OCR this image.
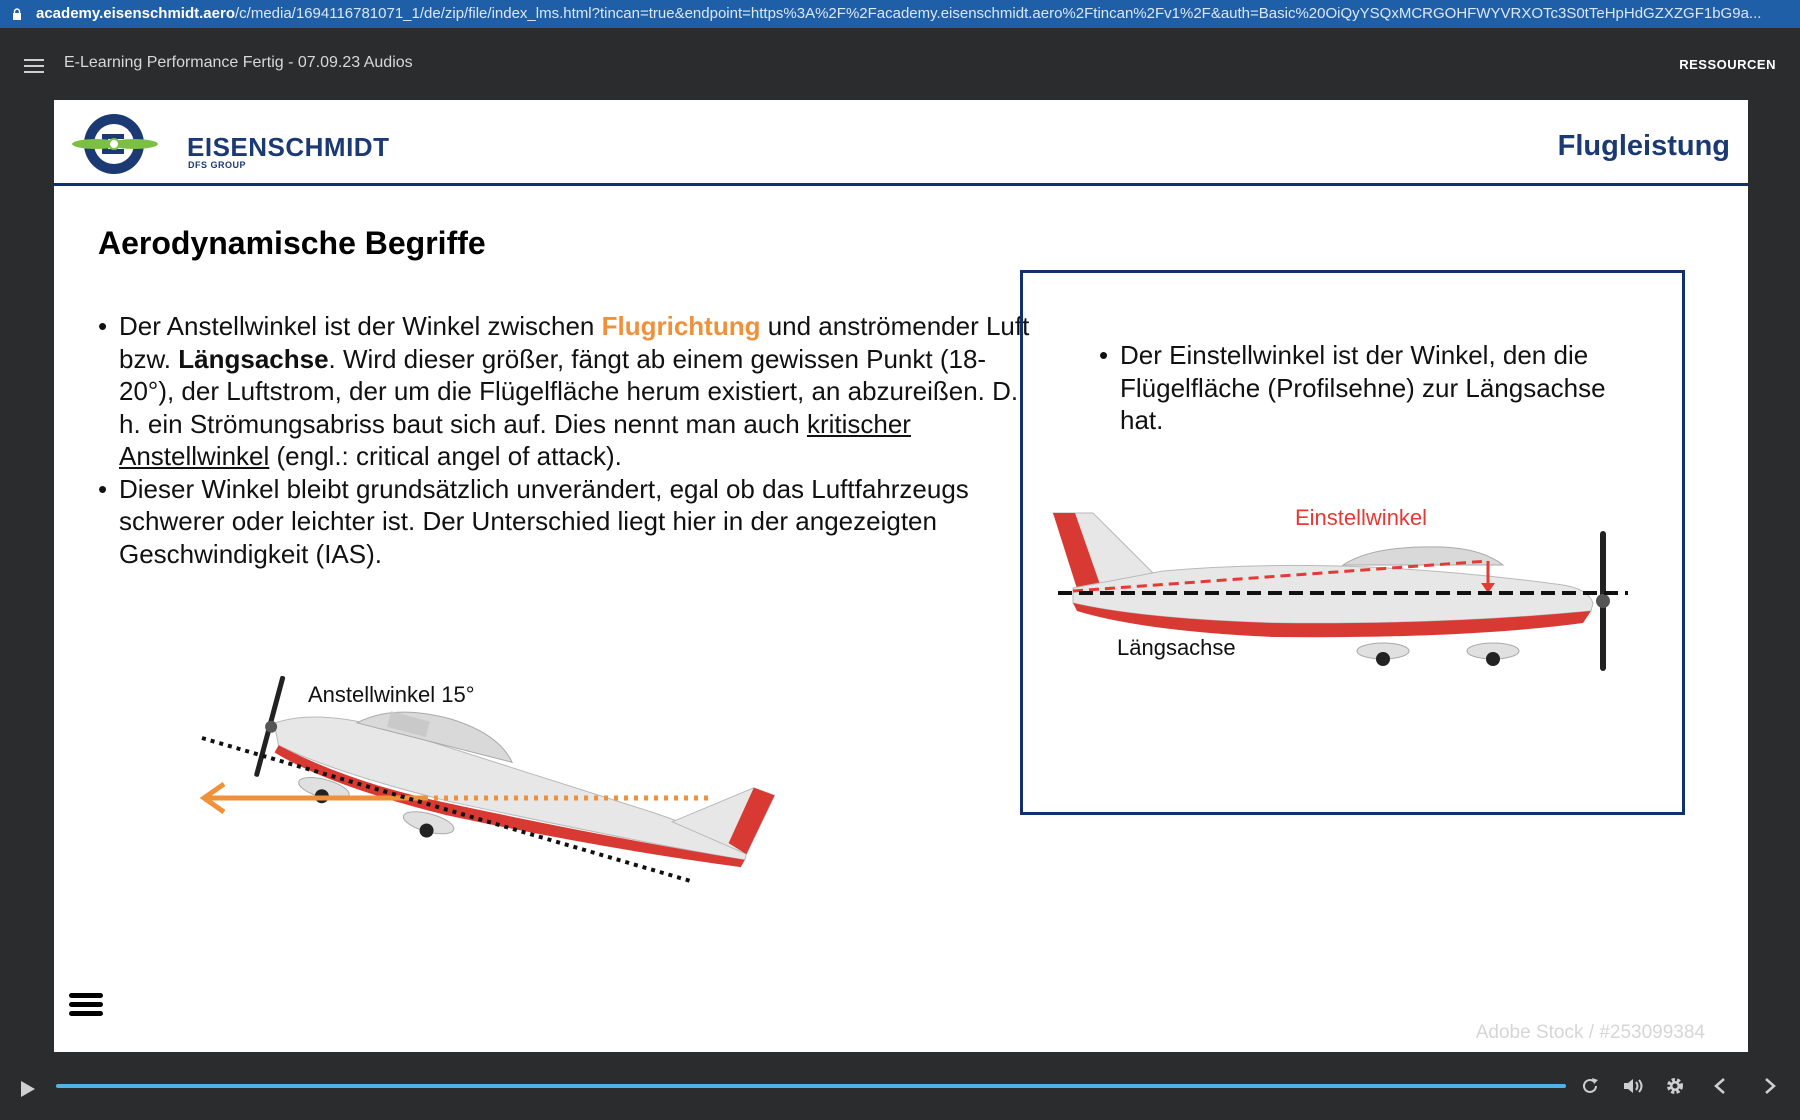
academy.eisenschmidt.aero/c/media/1694116781071_1/de/zip/file/index_lms.html?tincan=true&endpoint=https%3A%2F%2Facademy.eisenschmidt.aero%2Ftincan%2Fv1%2F&auth=Basic%20OiQyYSQxMCRGOHFWYVRXOTc3S0tTeHpHdGZXZGF1bG9a...
E-Learning Performance Fertig - 07.09.23 Audios	RESSOURCEN
EISENSCHMIDT
DFS GROUP
Flugleistung
Aerodynamische Begriffe
• Der Anstellwinkel ist der Winkel zwischen Flugrichtung und anströmender Luft bzw. Längsachse. Wird dieser größer, fängt ab einem gewissen Punkt (18-20°), der Luftstrom, der um die Flügelfläche herum existiert, an abzureißen. D. h. ein Strömungsabriss baut sich auf. Dies nennt man auch kritischer Anstellwinkel (engl.: critical angel of attack).
• Dieser Winkel bleibt grundsätzlich unverändert, egal ob das Luftfahrzeugs schwerer oder leichter ist. Der Unterschied liegt hier in der angezeigten Geschwindigkeit (IAS).
Anstellwinkel 15°
• Der Einstellwinkel ist der Winkel, den die Flügelfläche (Profilsehne) zur Längsachse hat.
Einstellwinkel
Längsachse
Adobe Stock / #253099384
